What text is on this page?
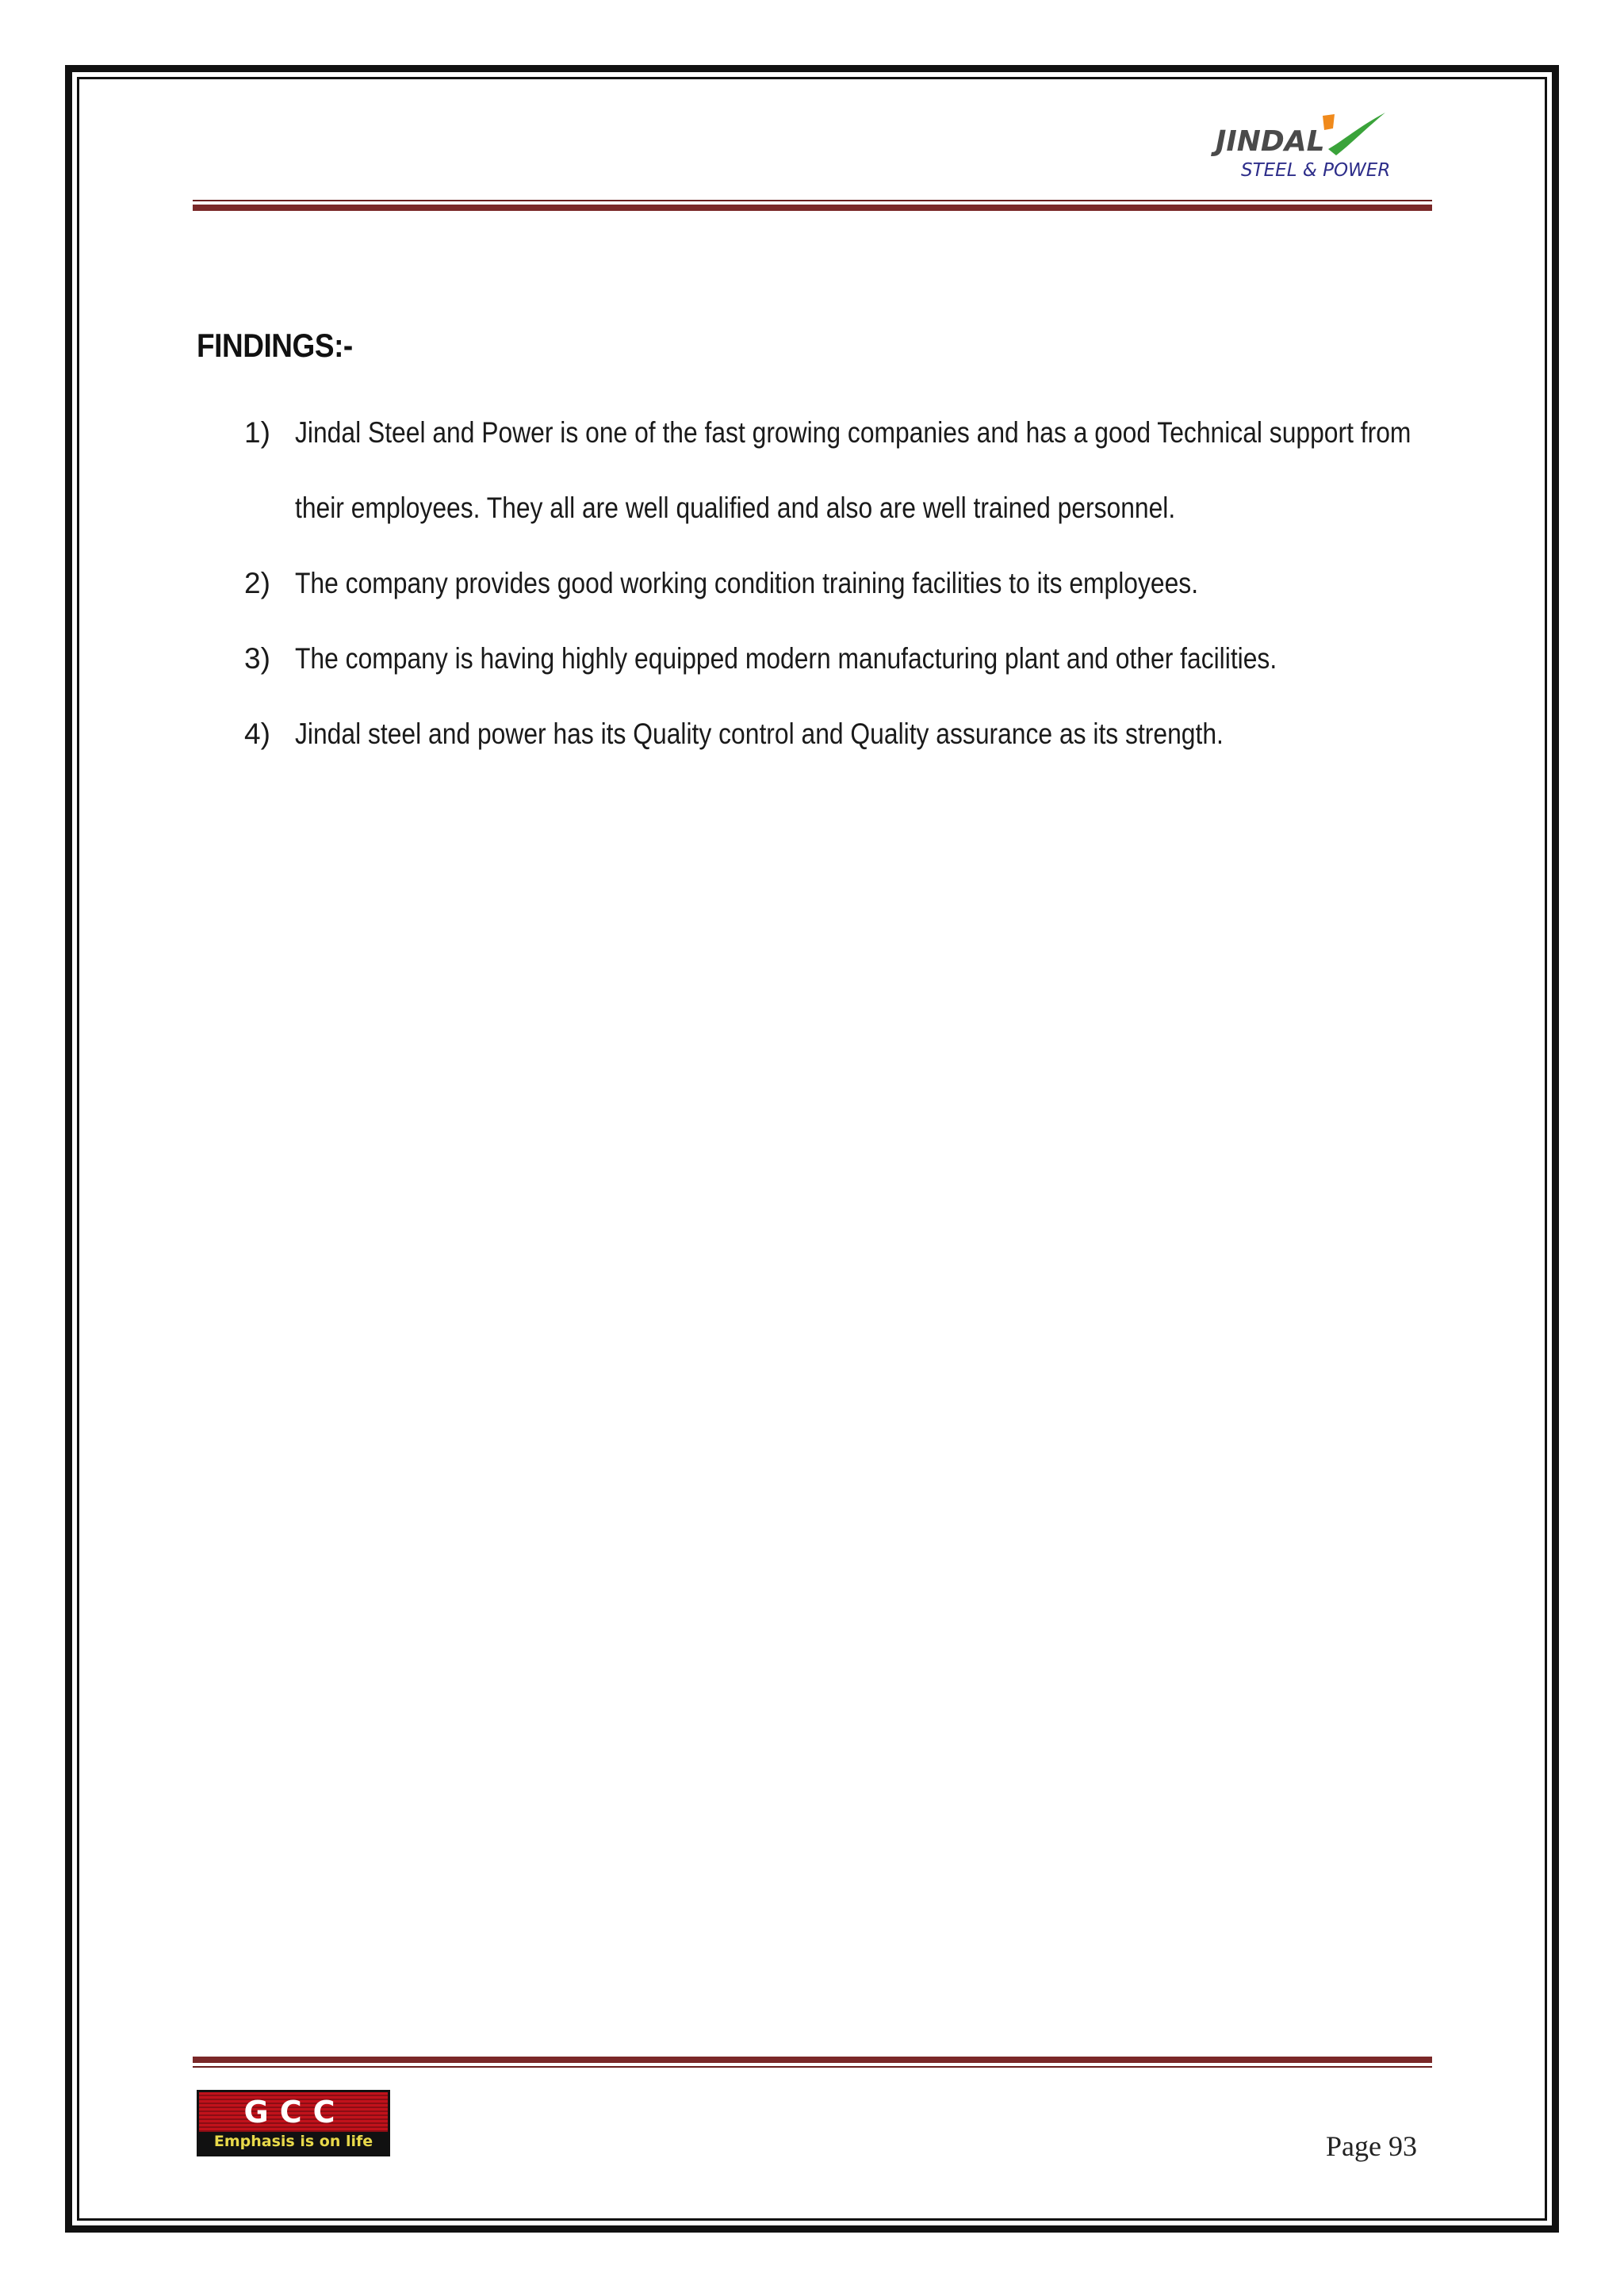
JINDAL
STEEL & POWER
FINDINGS:-
1) Jindal Steel and Power is one of the fast growing companies and has a good Technical support from their employees. They all are well qualified and also are well trained personnel.
2) The company provides good working condition training facilities to its employees.
3) The company is having highly equipped modern manufacturing plant and other facilities.
4) Jindal steel and power has its Quality control and Quality assurance as its strength.
GCC
Emphasis is on life	Page 93
